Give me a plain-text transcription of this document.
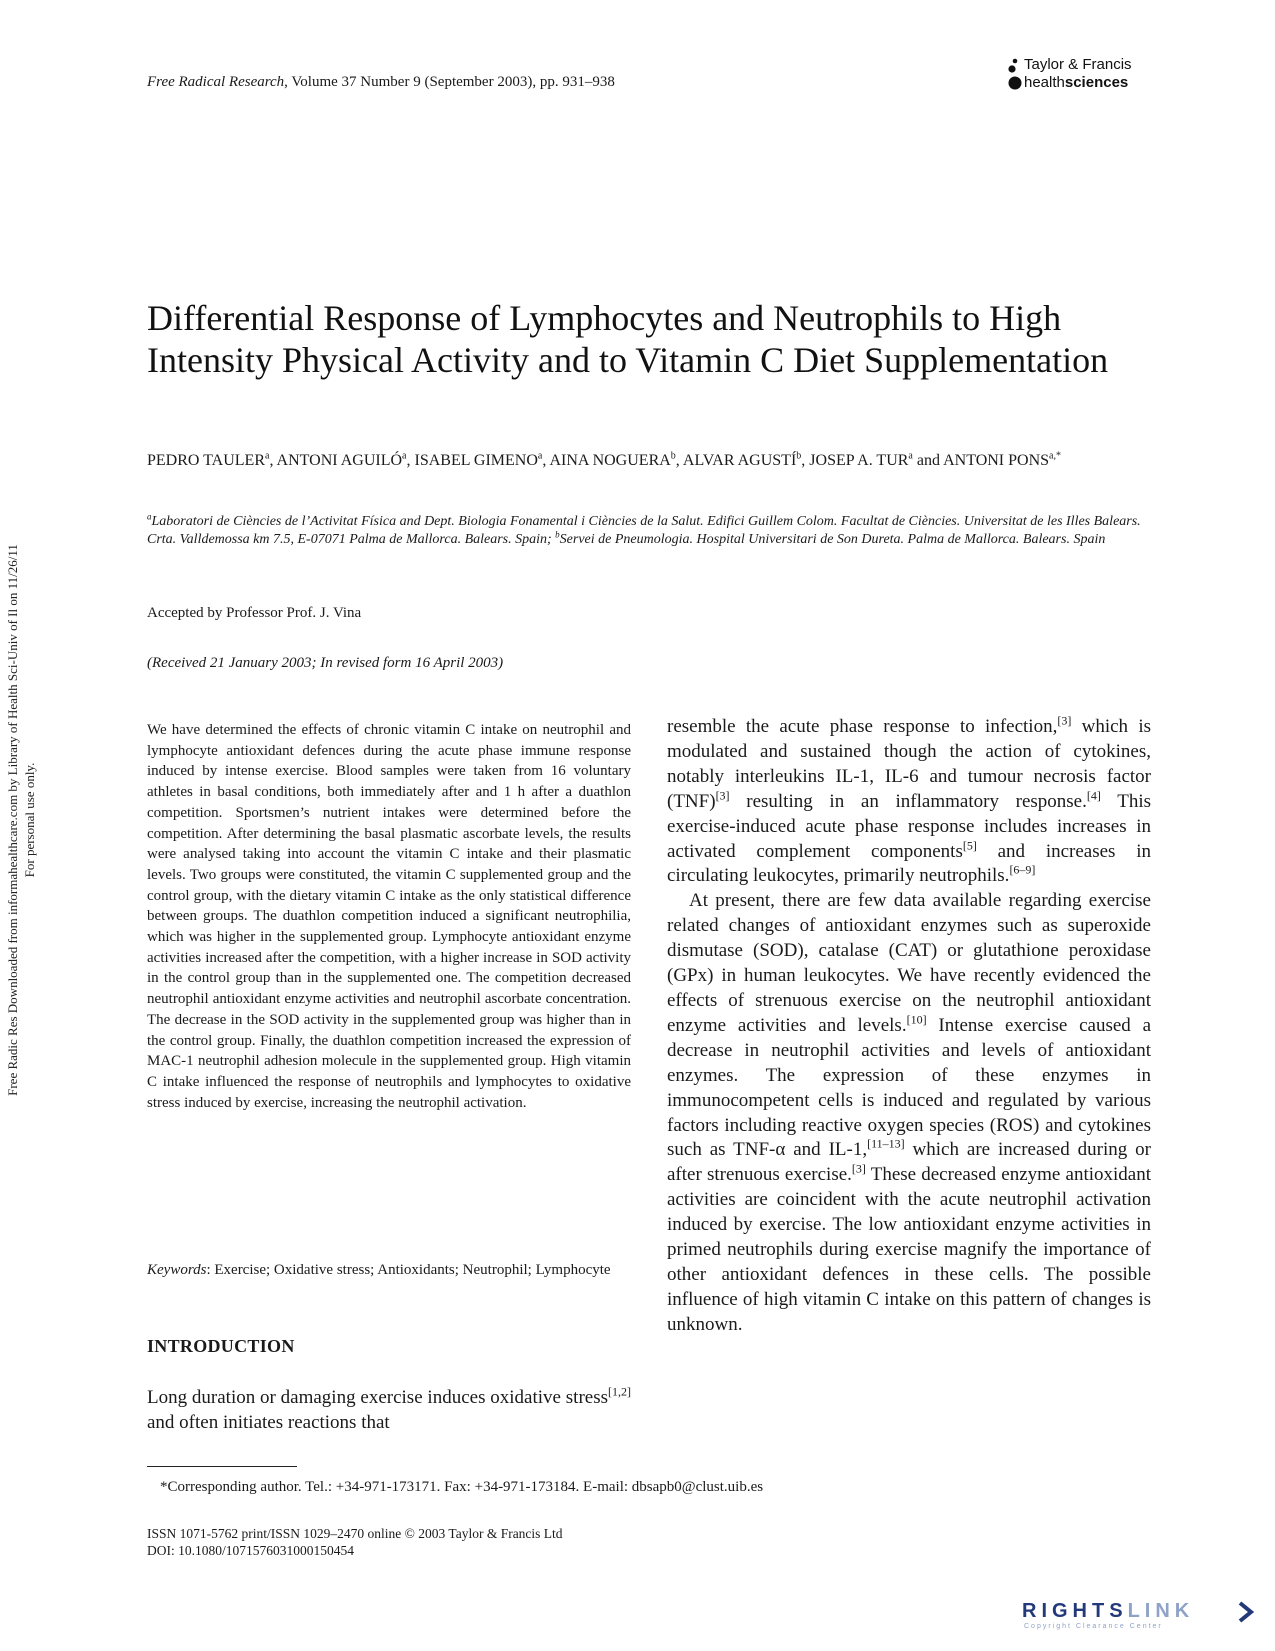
Free Radical Research, Volume 37 Number 9 (September 2003), pp. 931–938
Taylor & Francis
healthsciences
Free Radic Res Downloaded from informahealthcare.com by Library of Health Sci-Univ of Il on 11/26/11 For personal use only.
Differential Response of Lymphocytes and Neutrophils to High Intensity Physical Activity and to Vitamin C Diet Supplementation
PEDRO TAULER$^a$, ANTONI AGUILÓ$^a$, ISABEL GIMENO$^a$, AINA NOGUERA$^b$, ALVAR AGUSTÍ$^b$, JOSEP A. TUR$^a$ and ANTONI $PONS^{a,*}$
$^a$Laboratori de Ciències de l’Activitat Física and Dept. Biologia Fonamental i Ciències de la Salut. Edifici Guillem Colom. Facultat de Ciències. Universitat de les Illes Balears. Crta. Valldemossa km 7.5, E-07071 Palma de Mallorca. Balears. Spain; $^b$Servei de Pneumologia. Hospital Universitari de Son Dureta. Palma de Mallorca. Balears. Spain
Accepted by Professor Prof. J. Vina
(Received 21 January 2003; In revised form 16 April 2003)
We have determined the effects of chronic vitamin C intake on neutrophil and lymphocyte antioxidant defences during the acute phase immune response induced by intense exercise. Blood samples were taken from 16 voluntary athletes in basal conditions, both immediately after and 1 h after a duathlon competition. Sportsmen’s nutrient intakes were determined before the competition. After determining the basal plasmatic ascorbate levels, the results were analysed taking into account the vitamin C intake and their plasmatic levels. Two groups were constituted, the vitamin C supplemented group and the control group, with the dietary vitamin C intake as the only statistical difference between groups. The duathlon competition induced a significant neutrophilia, which was higher in the supplemented group. Lymphocyte antioxidant enzyme activities increased after the competition, with a higher increase in SOD activity in the control group than in the supplemented one. The competition decreased neutrophil antioxidant enzyme activities and neutrophil ascorbate concentration. The decrease in the SOD activity in the supplemented group was higher than in the control group. Finally, the duathlon competition increased the expression of MAC-1 neutrophil adhesion molecule in the supplemented group. High vitamin C intake influenced the response of neutrophils and lymphocytes to oxidative stress induced by exercise, increasing the neutrophil activation.
Keywords: Exercise; Oxidative stress; Antioxidants; Neutrophil; Lymphocyte
INTRODUCTION
Long duration or damaging exercise induces oxidative stress[1,2] and often initiates reactions that

resemble the acute phase response to infection,[3] which is modulated and sustained though the action of cytokines, notably interleukins IL-1, IL-6 and tumour necrosis factor (TNF)[3] resulting in an inflammatory response.[4] This exercise-induced acute phase response includes increases in activated complement components[5] and increases in circulating leukocytes, primarily neutrophils.[6–9]

At present, there are few data available regarding exercise related changes of antioxidant enzymes such as superoxide dismutase (SOD), catalase (CAT) or glutathione peroxidase (GPx) in human leukocytes. We have recently evidenced the effects of strenuous exercise on the neutrophil antioxidant enzyme activities and levels.[10] Intense exercise caused a decrease in neutrophil activities and levels of antioxidant enzymes. The expression of these enzymes in immunocompetent cells is induced and regulated by various factors including reactive oxygen species (ROS) and cytokines such as TNF-α and IL-1,[11–13] which are increased during or after strenuous exercise.[3] These decreased enzyme antioxidant activities are coincident with the acute neutrophil activation induced by exercise. The low antioxidant enzyme activities in primed neutrophils during exercise magnify the importance of other antioxidant defences in these cells. The possible influence of high vitamin C intake on this pattern of changes is unknown.

*Corresponding author. Tel.: +34-971-173171. Fax: +34-971-173184. E-mail: dbsapb0@clust.uib.es
ISSN 1071-5762 print/ISSN 1029–2470 online © 2003 Taylor & Francis Ltd
DOI: 10.1080/1071576031000150454
RIGHTSLINK
Copyright Clearance Center
